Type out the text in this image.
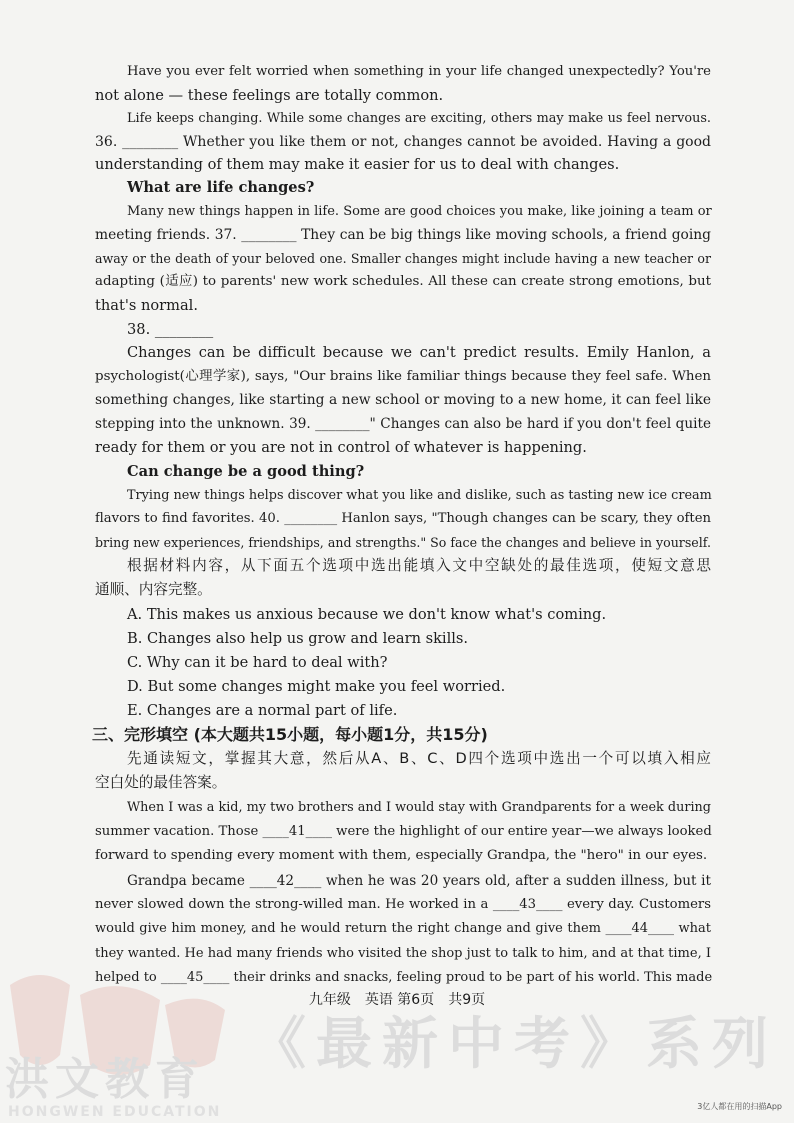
《最新中考》系列
洪文教育
HONGWEN EDUCATION
Have you ever felt worried when something in your life changed unexpectedly? You're
not alone — these feelings are totally common.
Life keeps changing. While some changes are exciting, others may make us feel nervous.
36. ________ Whether you like them or not, changes cannot be avoided. Having a good
understanding of them may make it easier for us to deal with changes.
What are life changes?
Many new things happen in life. Some are good choices you make, like joining a team or
meeting friends. 37. ________ They can be big things like moving schools, a friend going
away or the death of your beloved one. Smaller changes might include having a new teacher or
adapting (适应) to parents' new work schedules. All these can create strong emotions, but
that's normal.
38. ________
Changes can be difficult because we can't predict results. Emily Hanlon, a
psychologist(心理学家), says, "Our brains like familiar things because they feel safe. When
something changes, like starting a new school or moving to a new home, it can feel like
stepping into the unknown. 39. ________" Changes can also be hard if you don't feel quite
ready for them or you are not in control of whatever is happening.
Can change be a good thing?
Trying new things helps discover what you like and dislike, such as tasting new ice cream
flavors to find favorites. 40. ________ Hanlon says, "Though changes can be scary, they often
bring new experiences, friendships, and strengths." So face the changes and believe in yourself.
根据材料内容，从下面五个选项中选出能填入文中空缺处的最佳选项，使短文意思
通顺、内容完整。
A. This makes us anxious because we don't know what's coming.
B. Changes also help us grow and learn skills.
C. Why can it be hard to deal with?
D. But some changes might make you feel worried.
E. Changes are a normal part of life.
三、完形填空 (本大题共15小题，每小题1分，共15分)
先通读短文，掌握其大意，然后从A、B、C、D四个选项中选出一个可以填入相应
空白处的最佳答案。
When I was a kid, my two brothers and I would stay with Grandparents for a week during
summer vacation. Those ____41____ were the highlight of our entire year—we always looked
forward to spending every moment with them, especially Grandpa, the "hero" in our eyes.
Grandpa became ____42____ when he was 20 years old, after a sudden illness, but it
never slowed down the strong-willed man. He worked in a ____43____ every day. Customers
would give him money, and he would return the right change and give them ____44____ what
they wanted. He had many friends who visited the shop just to talk to him, and at that time, I
helped to ____45____ their drinks and snacks, feeling proud to be part of his world. This made
九年级　英语 第6页　共9页
3亿人都在用的扫描App
